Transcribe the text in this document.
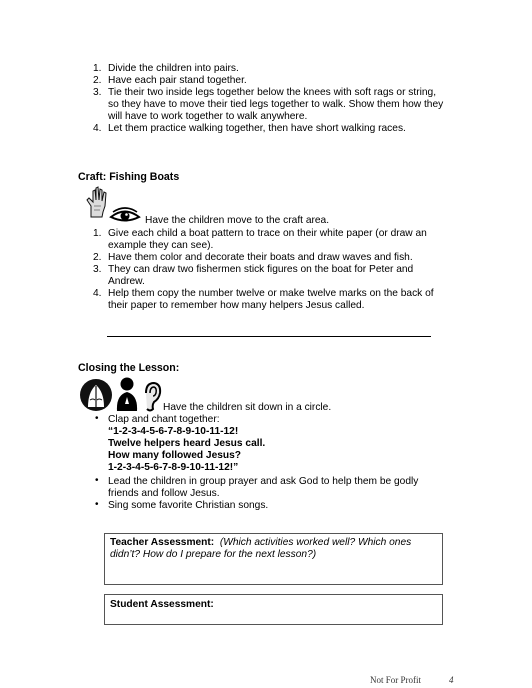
1. Divide the children into pairs.
2. Have each pair stand together.
3. Tie their two inside legs together below the knees with soft rags or string,
so they have to move their tied legs together to walk. Show them how they
will have to work together to walk anywhere.
4. Let them practice walking together, then have short walking races.
Craft: Fishing Boats
Have the children move to the craft area.
1. Give each child a boat pattern to trace on their white paper (or draw an
example they can see).
2. Have them color and decorate their boats and draw waves and fish.
3. They can draw two fishermen stick figures on the boat for Peter and
Andrew.
4. Help them copy the number twelve or make twelve marks on the back of
their paper to remember how many helpers Jesus called.
Closing the Lesson:
Have the children sit down in a circle.
• Clap and chant together:
“1-2-3-4-5-6-7-8-9-10-11-12!
Twelve helpers heard Jesus call.
How many followed Jesus?
1-2-3-4-5-6-7-8-9-10-11-12!”
• Lead the children in group prayer and ask God to help them be godly
friends and follow Jesus.
• Sing some favorite Christian songs.
Teacher Assessment: (Which activities worked well? Which ones
didn’t? How do I prepare for the next lesson?)
Student Assessment:
Not For Profit	4
